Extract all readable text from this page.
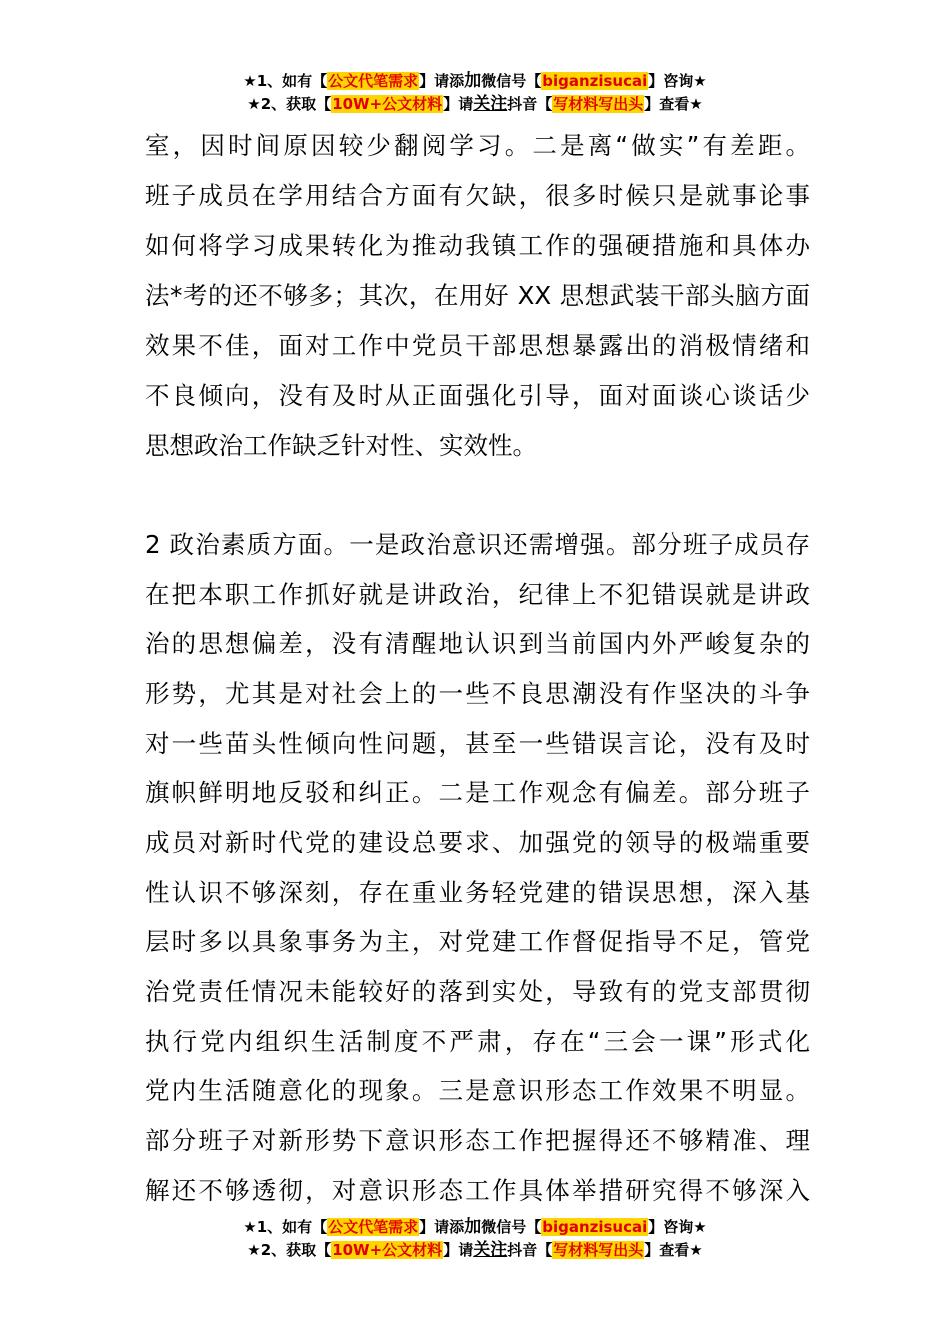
★1、如有【公文代笔需求】请添加微信号【biganzisucai】咨询★
★2、获取【10W+公文材料】请关注抖音【写材料写出头】查看★
室，因时间原因较少翻阅学习。二是离“做实”有差距。
班子成员在学用结合方面有欠缺，很多时候只是就事论事
如何将学习成果转化为推动我镇工作的强硬措施和具体办
法*考的还不够多；其次，在用好 XX 思想武装干部头脑方面
效果不佳，面对工作中党员干部思想暴露出的消极情绪和
不良倾向，没有及时从正面强化引导，面对面谈心谈话少
思想政治工作缺乏针对性、实效性。
2 政治素质方面。一是政治意识还需增强。部分班子成员存
在把本职工作抓好就是讲政治，纪律上不犯错误就是讲政
治的思想偏差，没有清醒地认识到当前国内外严峻复杂的
形势，尤其是对社会上的一些不良思潮没有作坚决的斗争
对一些苗头性倾向性问题，甚至一些错误言论，没有及时
旗帜鲜明地反驳和纠正。二是工作观念有偏差。部分班子
成员对新时代党的建设总要求、加强党的领导的极端重要
性认识不够深刻，存在重业务轻党建的错误思想，深入基
层时多以具象事务为主，对党建工作督促指导不足，管党
治党责任情况未能较好的落到实处，导致有的党支部贯彻
执行党内组织生活制度不严肃，存在“三会一课”形式化
党内生活随意化的现象。三是意识形态工作效果不明显。
部分班子对新形势下意识形态工作把握得还不够精准、理
解还不够透彻，对意识形态工作具体举措研究得不够深入
★1、如有【公文代笔需求】请添加微信号【biganzisucai】咨询★
★2、获取【10W+公文材料】请关注抖音【写材料写出头】查看★
